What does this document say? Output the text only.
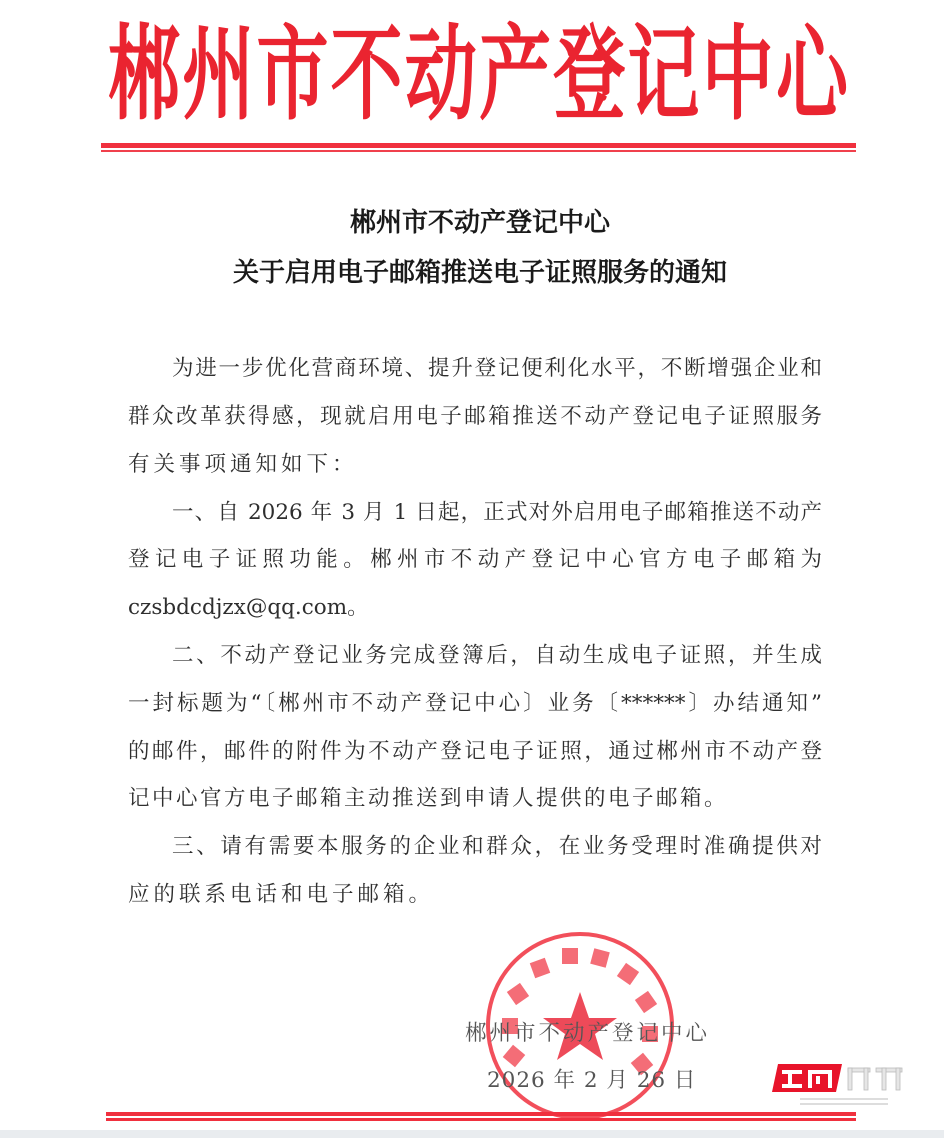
郴 州 市 不 动 产 登 记 中 心
郴州市不动产登记中心
关于启用电子邮箱推送电子证照服务的通知
为进一步优化营商环境、提升登记便利化水平，不断增强企业和
群众改革获得感，现就启用电子邮箱推送不动产登记电子证照服务
有关事项通知如下：
一、自 2026 年 3 月 1 日起，正式对外启用电子邮箱推送不动产
登记电子证照功能。郴州市不动产登记中心官方电子邮箱为
czsbdcdjzx@qq.com。
二、不动产登记业务完成登簿后，自动生成电子证照，并生成
一封标题为“〔郴州市不动产登记中心〕业务〔******〕办结通知”
的邮件，邮件的附件为不动产登记电子证照，通过郴州市不动产登
记中心官方电子邮箱主动推送到申请人提供的电子邮箱。
三、请有需要本服务的企业和群众，在业务受理时准确提供对
应的联系电话和电子邮箱。
郴州市不动产登记中心
2026 年 2 月 26 日
